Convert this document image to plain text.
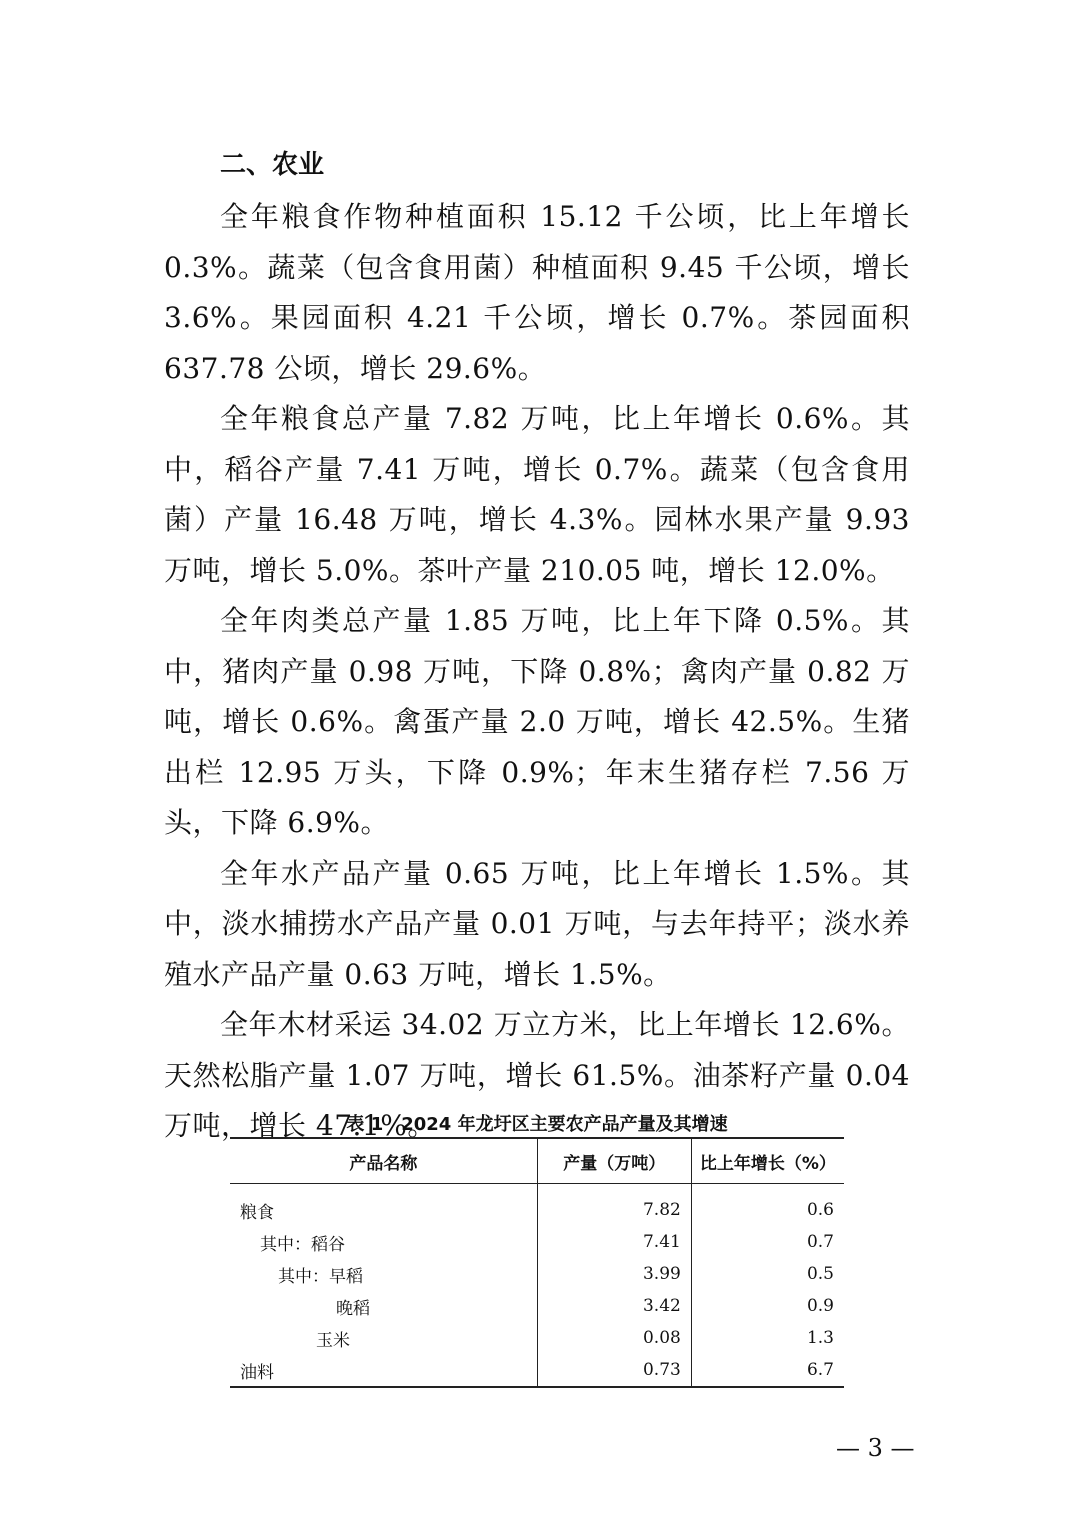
二、农业

全年粮食作物种植面积 15.12 千公顷，比上年增长 0.3%。蔬菜（包含食用菌）种植面积 9.45 千公顷，增长 3.6%。果园面积 4.21 千公顷，增长 0.7%。茶园面积 637.78 公顷，增长 29.6%。

全年粮食总产量 7.82 万吨，比上年增长 0.6%。其中，稻谷产量 7.41 万吨，增长 0.7%。蔬菜（包含食用菌）产量 16.48 万吨，增长 4.3%。园林水果产量 9.93 万吨，增长 5.0%。茶叶产量 210.05 吨，增长 12.0%。

全年肉类总产量 1.85 万吨，比上年下降 0.5%。其中，猪肉产量 0.98 万吨，下降 0.8%；禽肉产量 0.82 万吨，增长 0.6%。禽蛋产量 2.0 万吨，增长 42.5%。生猪出栏 12.95 万头，下降 0.9%；年末生猪存栏 7.56 万头，下降 6.9%。

全年水产品产量 0.65 万吨，比上年增长 1.5%。其中，淡水捕捞水产品产量 0.01 万吨，与去年持平；淡水养殖水产品产量 0.63 万吨，增长 1.5%。

全年木材采运 34.02 万立方米，比上年增长 12.6%。天然松脂产量 1.07 万吨，增长 61.5%。油茶籽产量 0.04 万吨，增长 47.1%。

表 1　2024 年龙圩区主要农产品产量及其增速
产品名称	产量（万吨）	比上年增长（%）
粮食	7.82	0.6
其中：稻谷	7.41	0.7
其中：早稻	3.99	0.5
晚稻	3.42	0.9
玉米	0.08	1.3
油料	0.73	6.7
— 3 —
